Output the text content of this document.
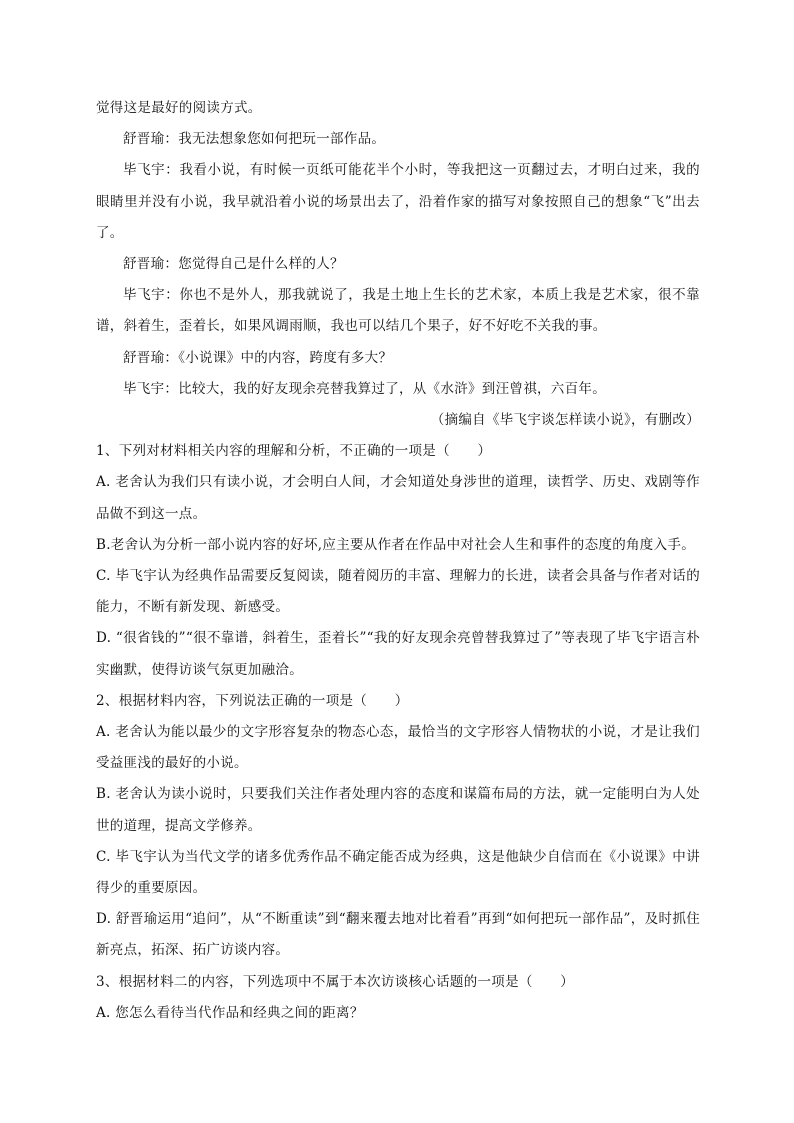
觉得这是最好的阅读方式。

舒晋瑜：我无法想象您如何把玩一部作品。

毕飞宇：我看小说，有时候一页纸可能花半个小时，等我把这一页翻过去，才明白过来，我的眼睛里并没有小说，我早就沿着小说的场景出去了，沿着作家的描写对象按照自己的想象“飞”出去了。

舒晋瑜：您觉得自己是什么样的人？

毕飞宇：你也不是外人，那我就说了，我是土地上生长的艺术家，本质上我是艺术家，很不靠谱，斜着生，歪着长，如果风调雨顺，我也可以结几个果子，好不好吃不关我的事。

舒晋瑜：《小说课》中的内容，跨度有多大？

毕飞宇：比较大，我的好友现余亮替我算过了，从《水浒》到汪曾祺，六百年。

（摘编自《毕飞宇谈怎样读小说》，有删改）

1、下列对材料相关内容的理解和分析，不正确的一项是（　　）

A. 老舍认为我们只有读小说，才会明白人间，才会知道处身涉世的道理，读哲学、历史、戏剧等作品做不到这一点。

B.老舍认为分析一部小说内容的好坏,应主要从作者在作品中对社会人生和事件的态度的角度入手。

C. 毕飞宇认为经典作品需要反复阅读，随着阅历的丰富、理解力的长进，读者会具备与作者对话的能力，不断有新发现、新感受。

D. “很省钱的”“很不靠谱，斜着生，歪着长”“我的好友现余亮曾替我算过了”等表现了毕飞宇语言朴实幽默，使得访谈气氛更加融洽。

2、根据材料内容，下列说法正确的一项是（　　）

A. 老舍认为能以最少的文字形容复杂的物态心态，最恰当的文字形容人情物状的小说，才是让我们受益匪浅的最好的小说。

B. 老舍认为读小说时，只要我们关注作者处理内容的态度和谋篇布局的方法，就一定能明白为人处世的道理，提高文学修养。

C. 毕飞宇认为当代文学的诸多优秀作品不确定能否成为经典，这是他缺少自信而在《小说课》中讲得少的重要原因。

D. 舒晋瑜运用“追问”，从“不断重读”到“翻来覆去地对比着看”再到“如何把玩一部作品”，及时抓住新亮点，拓深、拓广访谈内容。

3、根据材料二的内容，下列选项中不属于本次访谈核心话题的一项是（　　）

A. 您怎么看待当代作品和经典之间的距离？
